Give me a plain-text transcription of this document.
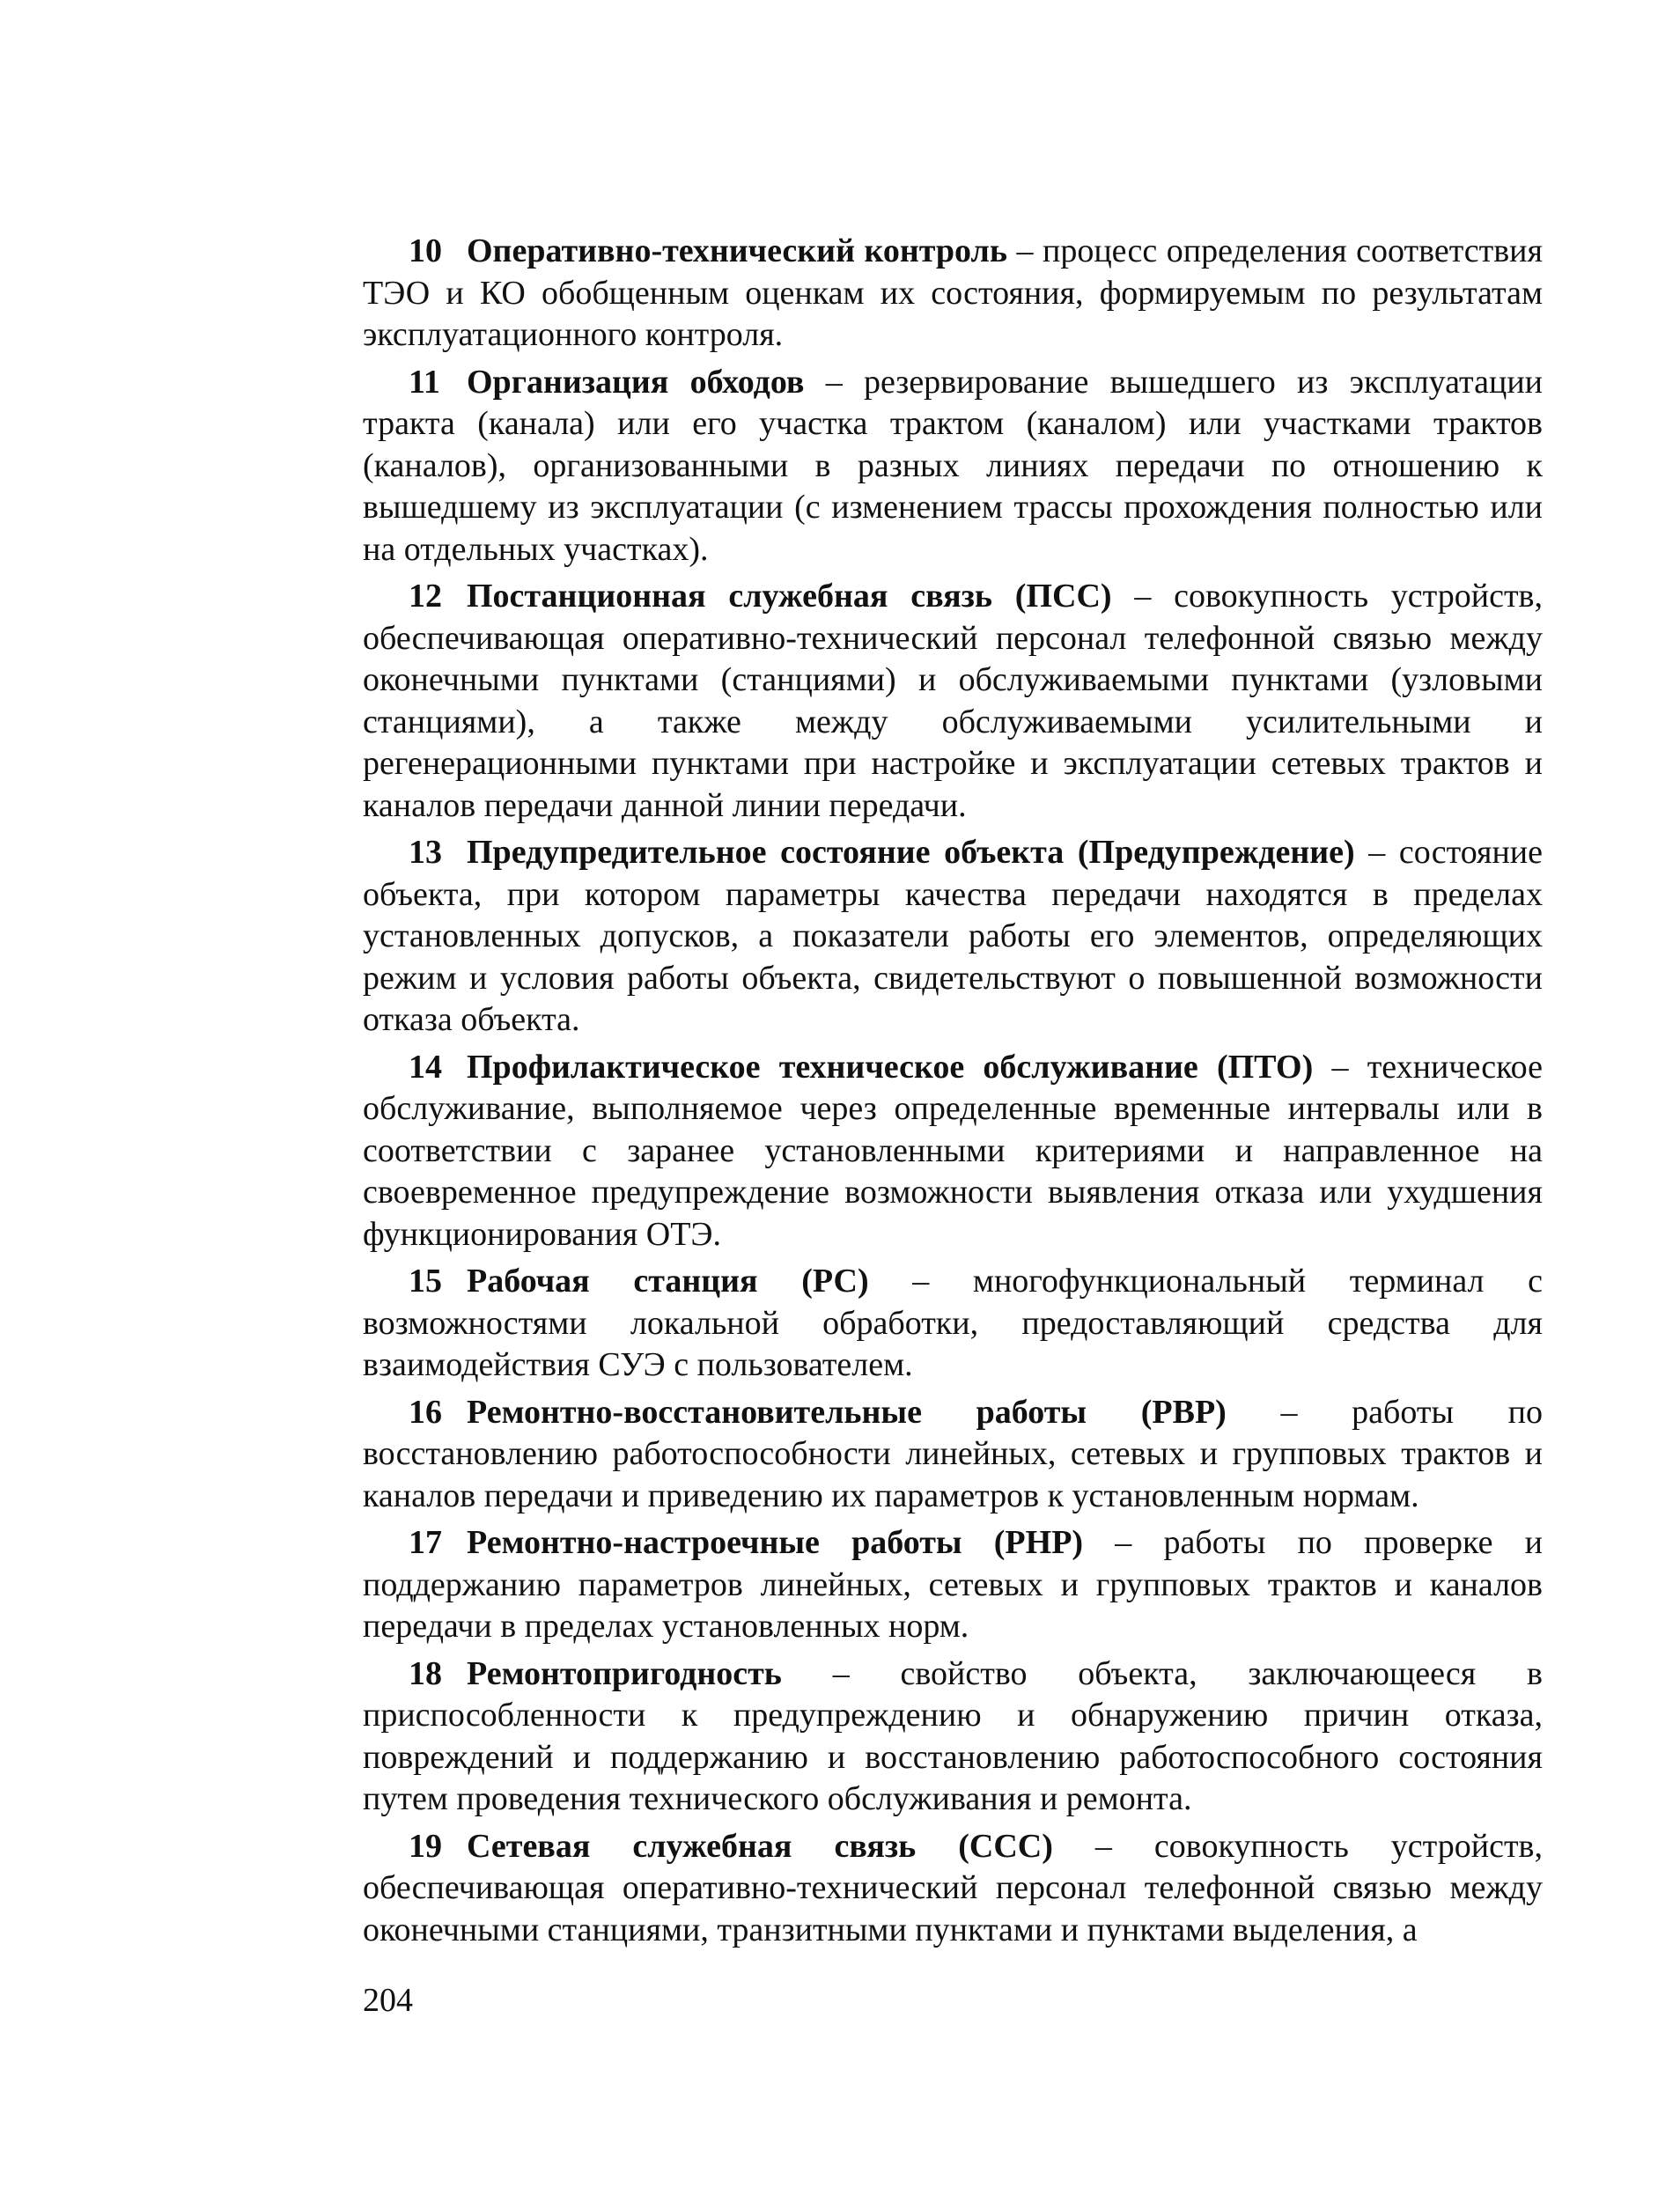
10 Оперативно-технический контроль – процесс определения соответствия ТЭО и КО обобщенным оценкам их состояния, формируемым по результатам эксплуатационного контроля.

11 Организация обходов – резервирование вышедшего из эксплуатации тракта (канала) или его участка трактом (каналом) или участками трактов (каналов), организованными в разных линиях передачи по отношению к вышедшему из эксплуатации (с изменением трассы прохождения полностью или на отдельных участках).

12 Постанционная служебная связь (ПСС) – совокупность устройств, обеспечивающая оперативно-технический персонал телефонной связью между оконечными пунктами (станциями) и обслуживаемыми пунктами (узловыми станциями), а также между обслуживаемыми усилительными и регенерационными пунктами при настройке и эксплуатации сетевых трактов и каналов передачи данной линии передачи.

13 Предупредительное состояние объекта (Предупреждение) – состояние объекта, при котором параметры качества передачи находятся в пределах установленных допусков, а показатели работы его элементов, определяющих режим и условия работы объекта, свидетельствуют о повышенной возможности отказа объекта.

14 Профилактическое техническое обслуживание (ПТО) – техническое обслуживание, выполняемое через определенные временные интервалы или в соответствии с заранее установленными критериями и направленное на своевременное предупреждение возможности выявления отказа или ухудшения функционирования ОТЭ.

15 Рабочая станция (РС) – многофункциональный терминал с возможностями локальной обработки, предоставляющий средства для взаимодействия СУЭ с пользователем.

16 Ремонтно-восстановительные работы (РВР) – работы по восстановлению работоспособности линейных, сетевых и групповых трактов и каналов передачи и приведению их параметров к установленным нормам.

17 Ремонтно-настроечные работы (РНР) – работы по проверке и поддержанию параметров линейных, сетевых и групповых трактов и каналов передачи в пределах установленных норм.

18 Ремонтопригодность – свойство объекта, заключающееся в приспособленности к предупреждению и обнаружению причин отказа, повреждений и поддержанию и восстановлению работоспособного состояния путем проведения технического обслуживания и ремонта.

19 Сетевая служебная связь (ССС) – совокупность устройств, обеспечивающая оперативно-технический персонал телефонной связью между оконечными станциями, транзитными пунктами и пунктами выделения, а

204
